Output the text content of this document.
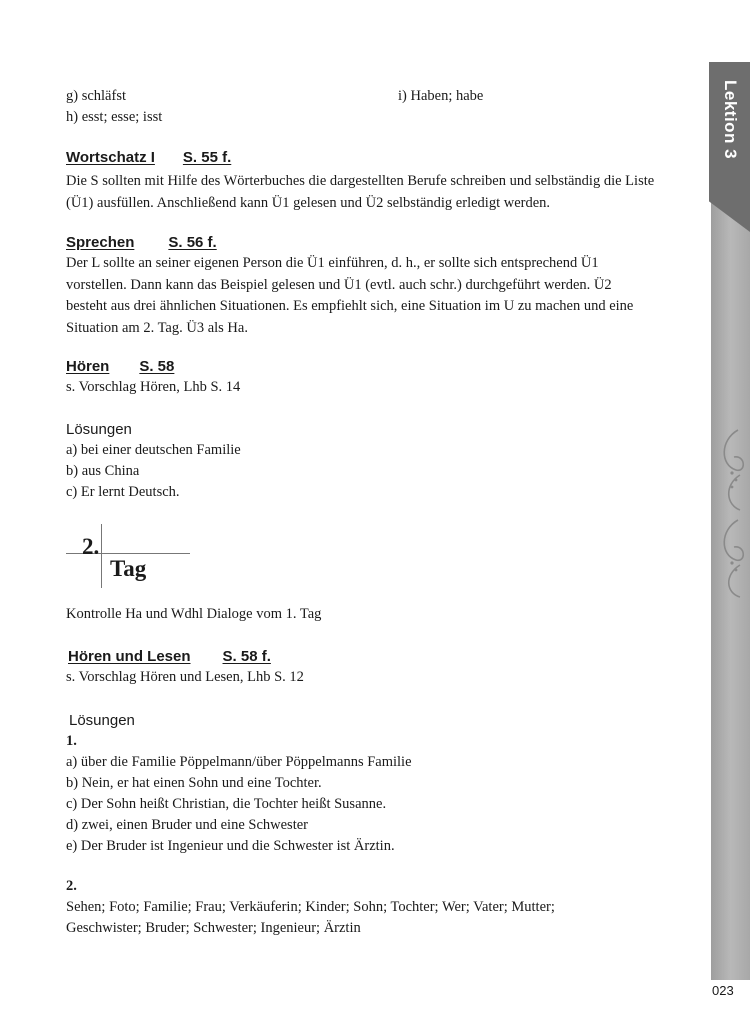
Lektion 3
023
g) schläfst
h) esst; esse; isst
i) Haben; habe
Wortschatz I S. 55 f.
Die S sollten mit Hilfe des Wörterbuches die dargestellten Berufe schreiben und selbständig die Liste
(Ü1) ausfüllen. Anschließend kann Ü1 gelesen und Ü2 selbständig erledigt werden.
Sprechen S. 56 f.
Der L sollte an seiner eigenen Person die Ü1 einführen, d. h., er sollte sich entsprechend Ü1
vorstellen. Dann kann das Beispiel gelesen und Ü1 (evtl. auch schr.) durchgeführt werden. Ü2
besteht aus drei ähnlichen Situationen. Es empfiehlt sich, eine Situation im U zu machen und eine
Situation am 2. Tag. Ü3 als Ha.
Hören S. 58
s. Vorschlag Hören, Lhb S. 14
Lösungen
a) bei einer deutschen Familie
b) aus China
c) Er lernt Deutsch.
2.
Tag
Kontrolle Ha und Wdhl Dialoge vom 1. Tag
Hören und Lesen S. 58 f.
s. Vorschlag Hören und Lesen, Lhb S. 12
Lösungen
1.
a) über die Familie Pöppelmann/über Pöppelmanns Familie
b) Nein, er hat einen Sohn und eine Tochter.
c) Der Sohn heißt Christian, die Tochter heißt Susanne.
d) zwei, einen Bruder und eine Schwester
e) Der Bruder ist Ingenieur und die Schwester ist Ärztin.
2.
Sehen; Foto; Familie; Frau; Verkäuferin; Kinder; Sohn; Tochter; Wer; Vater; Mutter;
Geschwister; Bruder; Schwester; Ingenieur; Ärztin
